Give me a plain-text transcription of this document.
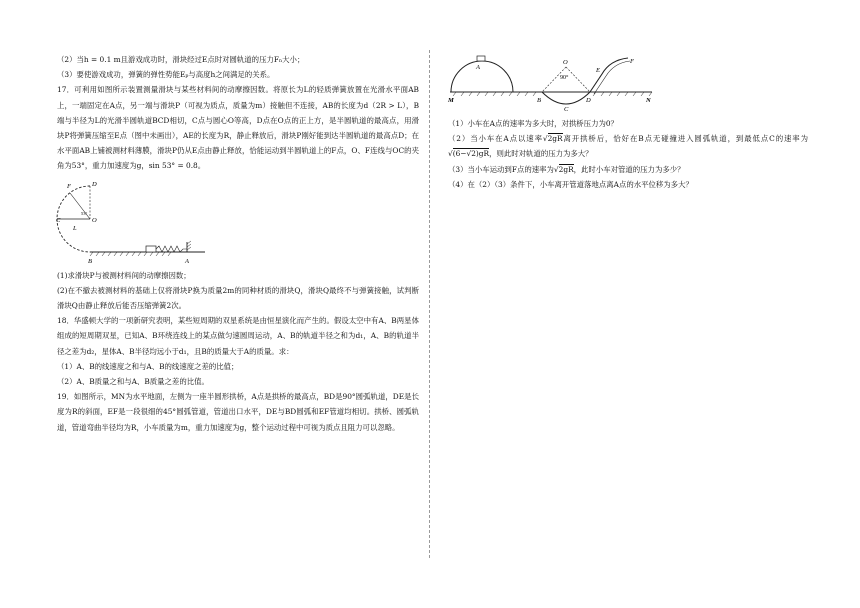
（2）当h = 0.1 m且游戏成功时，滑块经过E点时对圆轨道的压力Fₙ大小；

（3）要使游戏成功，弹簧的弹性势能Eₚ与高度h之间满足的关系。

17．可利用如图所示装置测量滑块与某些材料间的动摩擦因数。将原长为L的轻质弹簧放置在光滑水平面AB上，一端固定在A点，另一端与滑块P（可视为质点，质量为m）接触但不连接，AB的长度为d（2R > L），B端与半径为L的光滑半圆轨道BCD相切，C点与圆心O等高，D点在O点的正上方，是半圆轨道的最高点，用滑块P将弹簧压缩至E点（图中未画出），AE的长度为R，静止释放后，滑块P刚好能到达半圆轨道的最高点D；在水平面AB上铺被测材料薄膜，滑块P仍从E点由静止释放，恰能运动到半圆轨道上的F点，O、F连线与OC的夹角为53°，重力加速度为g，sin 53° = 0.8。

F	D
C	O
L
53°
B	A

(1)求滑块P与被测材料间的动摩擦因数；

(2)在不撤去被测材料的基础上仅将滑块P换为质量2m的同种材质的滑块Q，滑块Q最终不与弹簧接触，试判断滑块Q由静止释放后能否压缩弹簧2次。

18．华盛顿大学的一项新研究表明，某些短周期的双星系统是由恒星演化而产生的。假设太空中有A、B两星体组成的短周期双星，已知A、B环绕连线上的某点做匀速圆周运动，A、B的轨道半径之和为d₁，A、B的轨道半径之差为d₂，星体A、B半径均远小于d₁，且B的质量大于A的质量。求：

（1）A、B的线速度之和与A、B的线速度之差的比值；

（2）A、B质量之和与A、B质量之差的比值。

19．如图所示，MN为水平地面，左侧为一座半圆形拱桥，A点是拱桥的最高点，BD是90°圆弧轨道，DE是长度为R的斜面，EF是一段很细的45°圆弧管道，管道出口水平，DE与BD圆弧和EF管道均相切。拱桥、圆弧轨道，管道弯曲半径均为R，小车质量为m，重力加速度为g，整个运动过程中可视为质点且阻力可以忽略。

A
M	B
C
D
O
90°
E
F
N

（1）小车在A点的速率为多大时，对拱桥压力为0？

（2）当小车在A点以速率√2gR离开拱桥后，恰好在B点无碰撞进入圆弧轨道，到最低点C的速率为√(6−√2)gR，则此时对轨道的压力为多大？

（3）当小车运动到F点的速率为√2gR，此时小车对管道的压力为多少？

（4）在（2）（3）条件下，小车离开管道落地点离A点的水平位移为多大？
